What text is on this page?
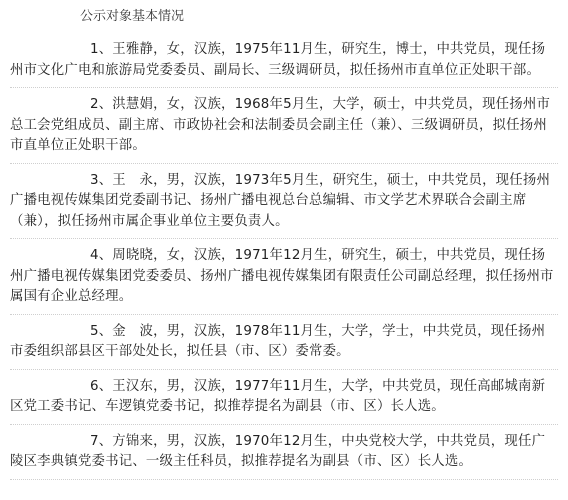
公示对象基本情况

1、王雅静，女，汉族，1975年11月生，研究生，博士，中共党员，现任扬州市文化广电和旅游局党委委员、副局长、三级调研员，拟任扬州市直单位正处职干部。

2、洪慧娟，女，汉族，1968年5月生，大学，硕士，中共党员，现任扬州市总工会党组成员、副主席、市政协社会和法制委员会副主任（兼）、三级调研员，拟任扬州市直单位正处职干部。

3、王　永，男，汉族，1973年5月生，研究生，硕士，中共党员，现任扬州广播电视传媒集团党委副书记、扬州广播电视总台总编辑、市文学艺术界联合会副主席（兼），拟任扬州市属企事业单位主要负责人。

4、周晓晓，女，汉族，1971年12月生，研究生，硕士，中共党员，现任扬州广播电视传媒集团党委委员、扬州广播电视传媒集团有限责任公司副总经理，拟任扬州市属国有企业总经理。

5、金　波，男，汉族，1978年11月生，大学，学士，中共党员，现任扬州市委组织部县区干部处处长，拟任县（市、区）委常委。

6、王汉东，男，汉族，1977年11月生，大学，中共党员，现任高邮城南新区党工委书记、车逻镇党委书记，拟推荐提名为副县（市、区）长人选。

7、方锦来，男，汉族，1970年12月生，中央党校大学，中共党员，现任广陵区李典镇党委书记、一级主任科员，拟推荐提名为副县（市、区）长人选。
